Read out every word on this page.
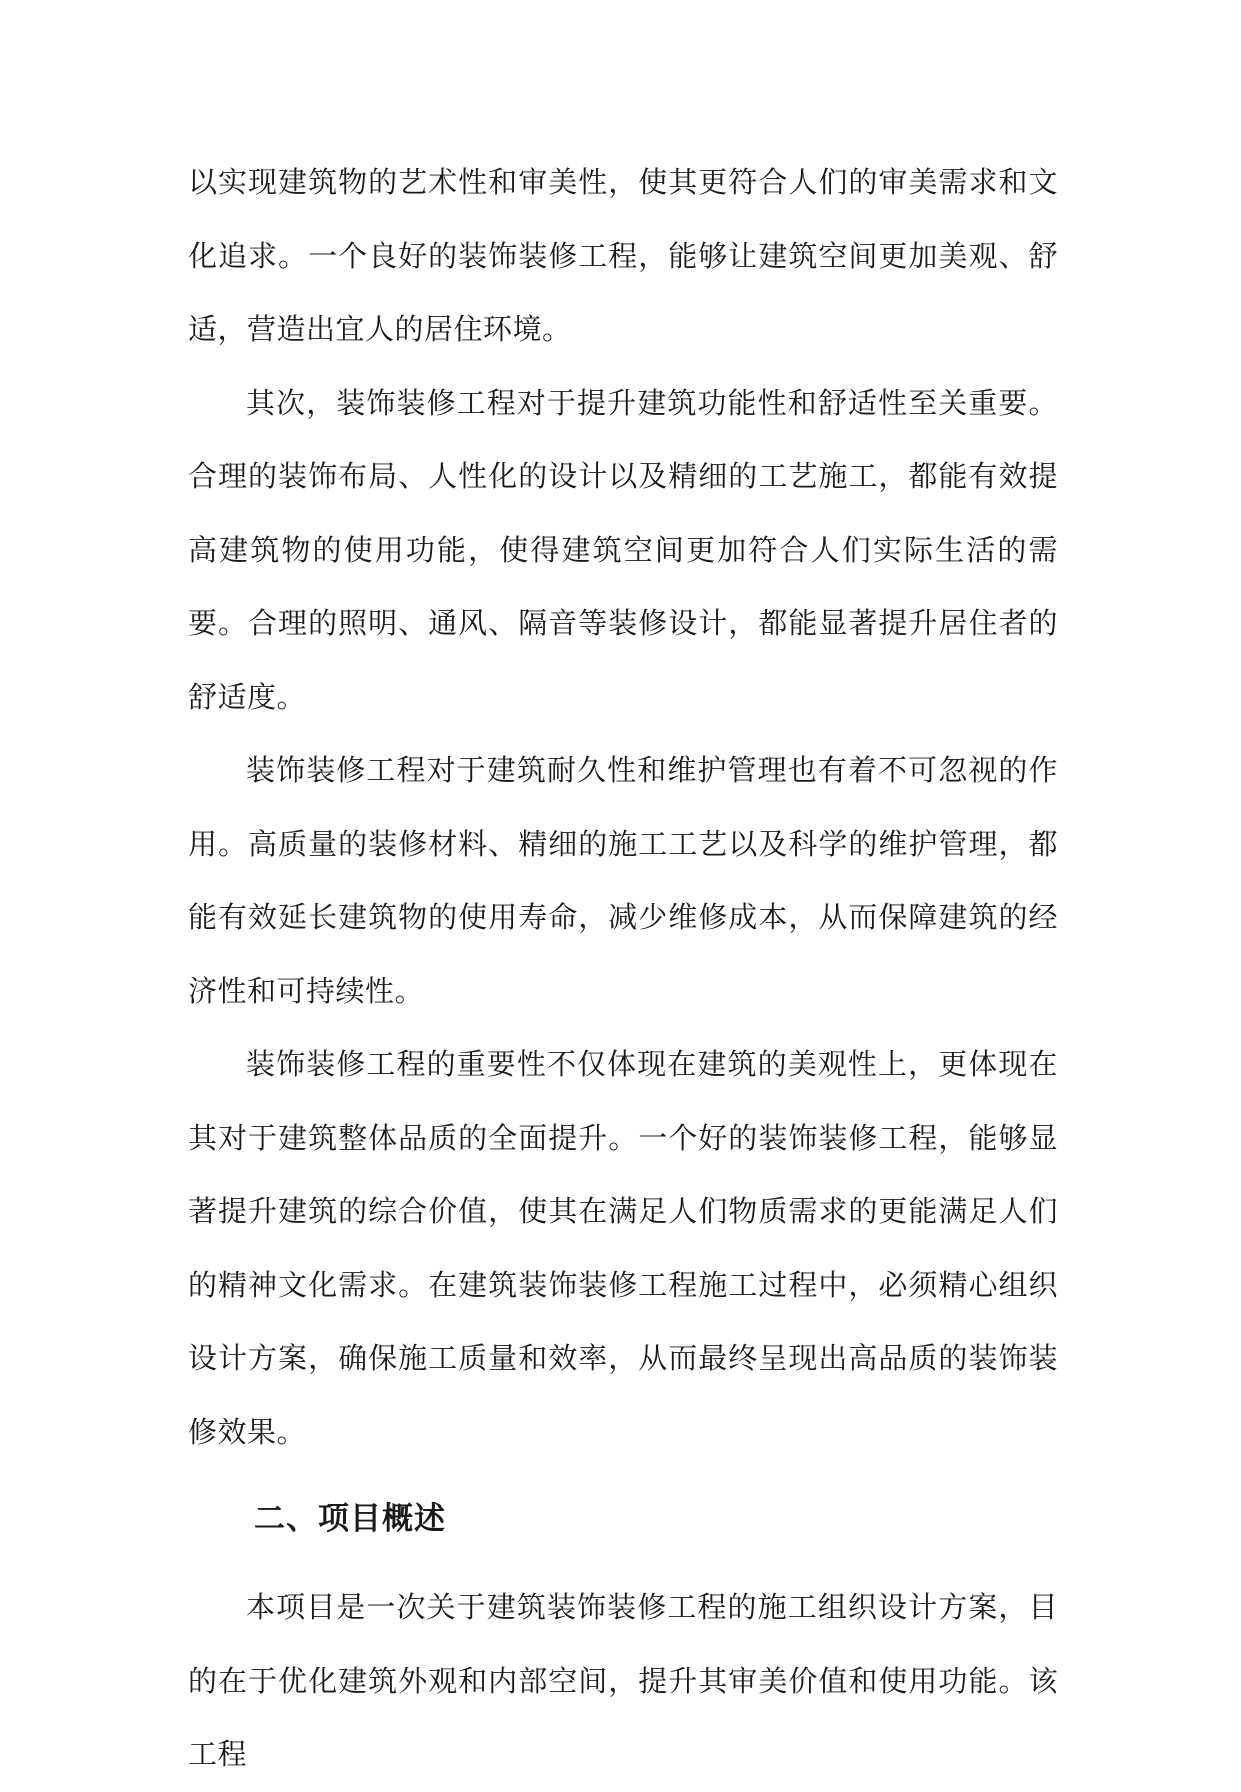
以实现建筑物的艺术性和审美性，使其更符合人们的审美需求和文化追求。一个良好的装饰装修工程，能够让建筑空间更加美观、舒适，营造出宜人的居住环境。

其次，装饰装修工程对于提升建筑功能性和舒适性至关重要。合理的装饰布局、人性化的设计以及精细的工艺施工，都能有效提高建筑物的使用功能，使得建筑空间更加符合人们实际生活的需要。合理的照明、通风、隔音等装修设计，都能显著提升居住者的舒适度。

装饰装修工程对于建筑耐久性和维护管理也有着不可忽视的作用。高质量的装修材料、精细的施工工艺以及科学的维护管理，都能有效延长建筑物的使用寿命，减少维修成本，从而保障建筑的经济性和可持续性。

装饰装修工程的重要性不仅体现在建筑的美观性上，更体现在其对于建筑整体品质的全面提升。一个好的装饰装修工程，能够显著提升建筑的综合价值，使其在满足人们物质需求的更能满足人们的精神文化需求。在建筑装饰装修工程施工过程中，必须精心组织设计方案，确保施工质量和效率，从而最终呈现出高品质的装饰装修效果。

二、项目概述

本项目是一次关于建筑装饰装修工程的施工组织设计方案，目的在于优化建筑外观和内部空间，提升其审美价值和使用功能。该工程
